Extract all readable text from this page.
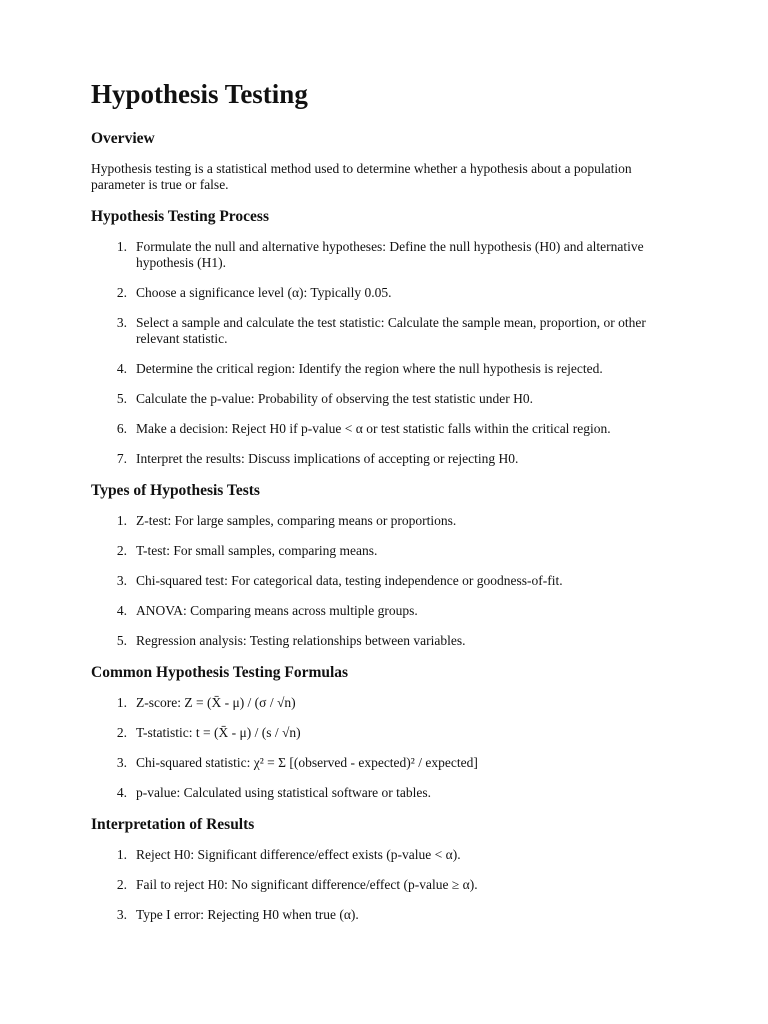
Hypothesis Testing
Overview

Hypothesis testing is a statistical method used to determine whether a hypothesis about a population parameter is true or false.

Hypothesis Testing Process
1. Formulate the null and alternative hypotheses: Define the null hypothesis (H0) and alternative hypothesis (H1).
2. Choose a significance level (α): Typically 0.05.
3. Select a sample and calculate the test statistic: Calculate the sample mean, proportion, or other relevant statistic.
4. Determine the critical region: Identify the region where the null hypothesis is rejected.
5. Calculate the p-value: Probability of observing the test statistic under H0.
6. Make a decision: Reject H0 if p-value < α or test statistic falls within the critical region.
7. Interpret the results: Discuss implications of accepting or rejecting H0.
Types of Hypothesis Tests
1. Z-test: For large samples, comparing means or proportions.
2. T-test: For small samples, comparing means.
3. Chi-squared test: For categorical data, testing independence or goodness-of-fit.
4. ANOVA: Comparing means across multiple groups.
5. Regression analysis: Testing relationships between variables.
Common Hypothesis Testing Formulas
1. Z-score: Z = (X̄ - μ) / (σ / √n)
2. T-statistic: t = (X̄ - μ) / (s / √n)
3. Chi-squared statistic: χ² = Σ [(observed - expected)² / expected]
4. p-value: Calculated using statistical software or tables.
Interpretation of Results
1. Reject H0: Significant difference/effect exists (p-value < α).
2. Fail to reject H0: No significant difference/effect (p-value ≥ α).
3. Type I error: Rejecting H0 when true (α).
